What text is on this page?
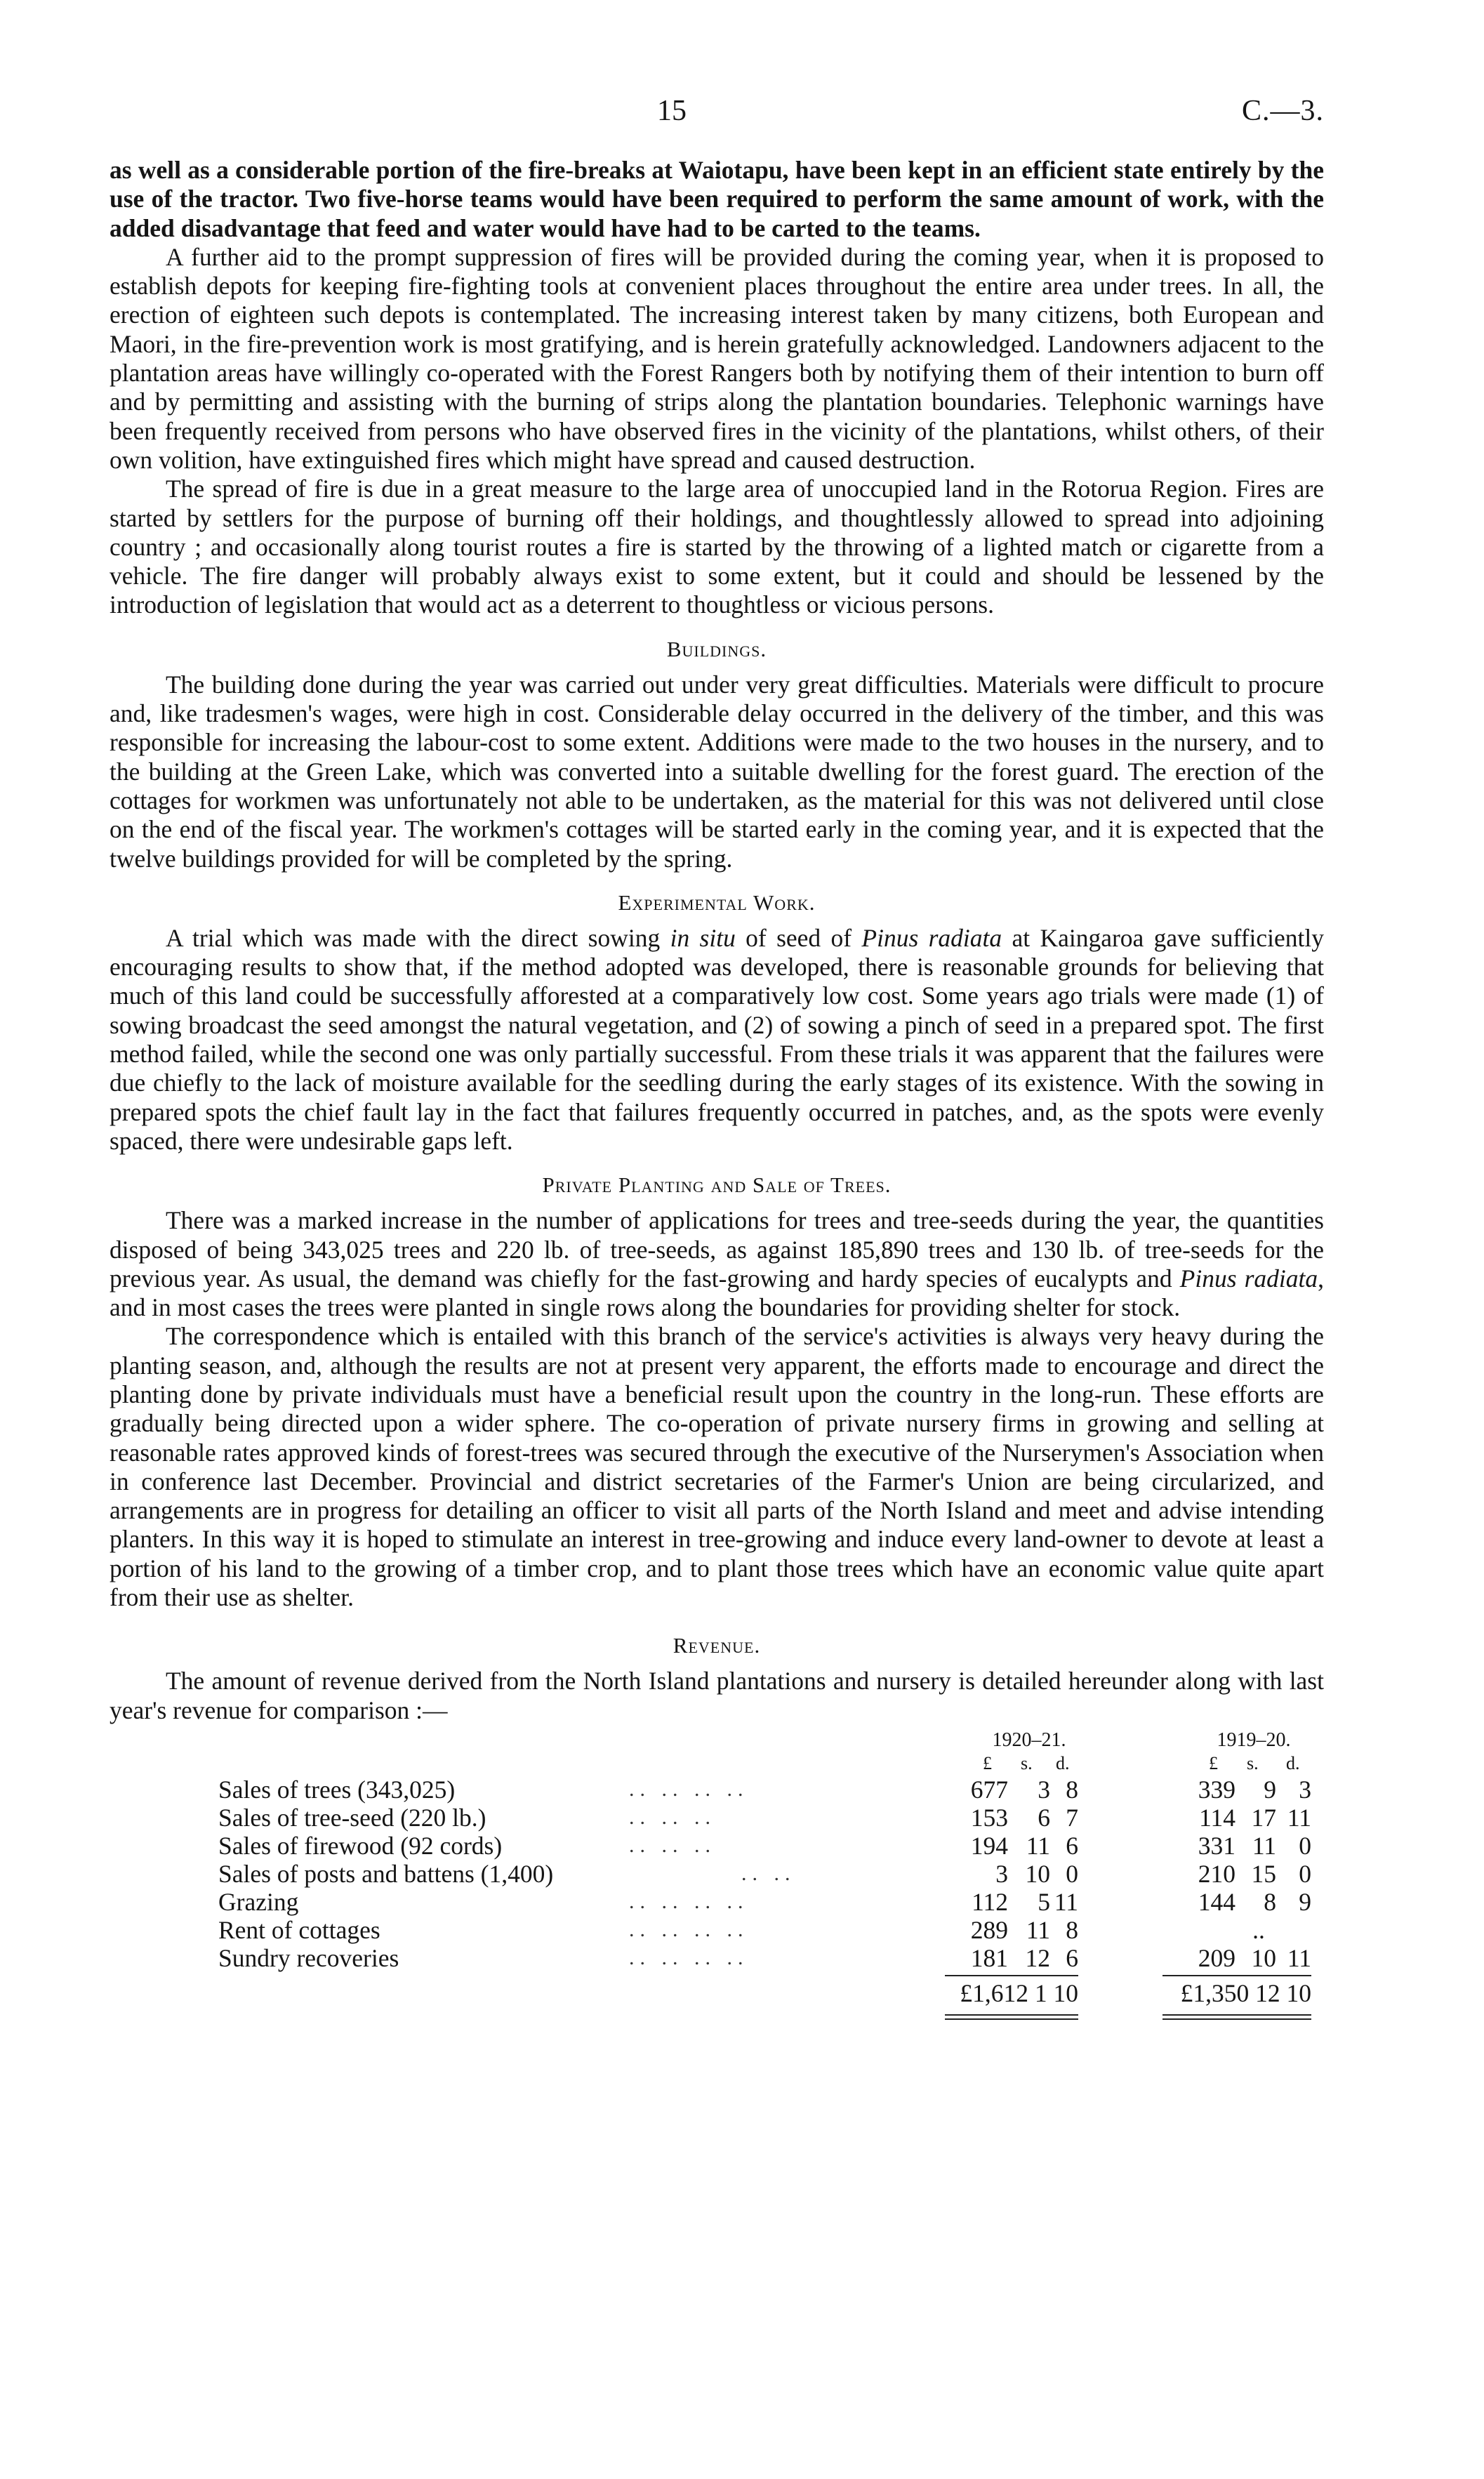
15	C.—3.

as well as a considerable portion of the fire-breaks at Waiotapu, have been kept in an efficient state entirely by the use of the tractor. Two five-horse teams would have been required to perform the same amount of work, with the added disadvantage that feed and water would have had to be carted to the teams.

A further aid to the prompt suppression of fires will be provided during the coming year, when it is proposed to establish depots for keeping fire-fighting tools at convenient places throughout the entire area under trees. In all, the erection of eighteen such depots is contemplated. The increasing interest taken by many citizens, both European and Maori, in the fire-prevention work is most gratifying, and is herein gratefully acknowledged. Landowners adjacent to the plantation areas have willingly co-operated with the Forest Rangers both by notifying them of their intention to burn off and by permitting and assisting with the burning of strips along the plantation boundaries. Telephonic warnings have been frequently received from persons who have observed fires in the vicinity of the plantations, whilst others, of their own volition, have extinguished fires which might have spread and caused destruction.

The spread of fire is due in a great measure to the large area of unoccupied land in the Rotorua Region. Fires are started by settlers for the purpose of burning off their holdings, and thoughtlessly allowed to spread into adjoining country ; and occasionally along tourist routes a fire is started by the throwing of a lighted match or cigarette from a vehicle. The fire danger will probably always exist to some extent, but it could and should be lessened by the introduction of legislation that would act as a deterrent to thoughtless or vicious persons.

Buildings.

The building done during the year was carried out under very great difficulties. Materials were difficult to procure and, like tradesmen's wages, were high in cost. Considerable delay occurred in the delivery of the timber, and this was responsible for increasing the labour-cost to some extent. Additions were made to the two houses in the nursery, and to the building at the Green Lake, which was converted into a suitable dwelling for the forest guard. The erection of the cottages for workmen was unfortunately not able to be undertaken, as the material for this was not delivered until close on the end of the fiscal year. The workmen's cottages will be started early in the coming year, and it is expected that the twelve buildings provided for will be completed by the spring.

Experimental Work.

A trial which was made with the direct sowing in situ of seed of Pinus radiata at Kaingaroa gave sufficiently encouraging results to show that, if the method adopted was developed, there is reasonable grounds for believing that much of this land could be successfully afforested at a comparatively low cost. Some years ago trials were made (1) of sowing broadcast the seed amongst the natural vegetation, and (2) of sowing a pinch of seed in a prepared spot. The first method failed, while the second one was only partially successful. From these trials it was apparent that the failures were due chiefly to the lack of moisture available for the seedling during the early stages of its existence. With the sowing in prepared spots the chief fault lay in the fact that failures frequently occurred in patches, and, as the spots were evenly spaced, there were undesirable gaps left.

Private Planting and Sale of Trees.

There was a marked increase in the number of applications for trees and tree-seeds during the year, the quantities disposed of being 343,025 trees and 220 lb. of tree-seeds, as against 185,890 trees and 130 lb. of tree-seeds for the previous year. As usual, the demand was chiefly for the fast-growing and hardy species of eucalypts and Pinus radiata, and in most cases the trees were planted in single rows along the boundaries for providing shelter for stock.

The correspondence which is entailed with this branch of the service's activities is always very heavy during the planting season, and, although the results are not at present very apparent, the efforts made to encourage and direct the planting done by private individuals must have a beneficial result upon the country in the long-run. These efforts are gradually being directed upon a wider sphere. The co-operation of private nursery firms in growing and selling at reasonable rates approved kinds of forest-trees was secured through the executive of the Nurserymen's Association when in conference last December. Provincial and district secretaries of the Farmer's Union are being circularized, and arrangements are in progress for detailing an officer to visit all parts of the North Island and meet and advise intending planters. In this way it is hoped to stimulate an interest in tree-growing and induce every land-owner to devote at least a portion of his land to the growing of a timber crop, and to plant those trees which have an economic value quite apart from their use as shelter.

Revenue.

The amount of revenue derived from the North Island plantations and nursery is detailed hereunder along with last year's revenue for comparison :—

1920–21.	1919–20.
£ s. d.	£ s. d.
Sales of trees (343,025)	677	3 8	339	9 3
.. .. .. ..
Sales of tree-seed (220 lb.)	153	6 7	114 17 11
.. .. ..
Sales of firewood (92 cords)	194 11 6	331 11 0
.. .. ..
Sales of posts and battens (1,400)	3 10 0	210 15 0
.. ..
Grazing	112	5 11	144	8 9
.. .. .. ..
Rent of cottages	289 11 8	..
.. .. .. ..
Sundry recoveries	181 12 6	209 10 11
.. .. .. ..
£1,612 1 10	£1,350 12 10
